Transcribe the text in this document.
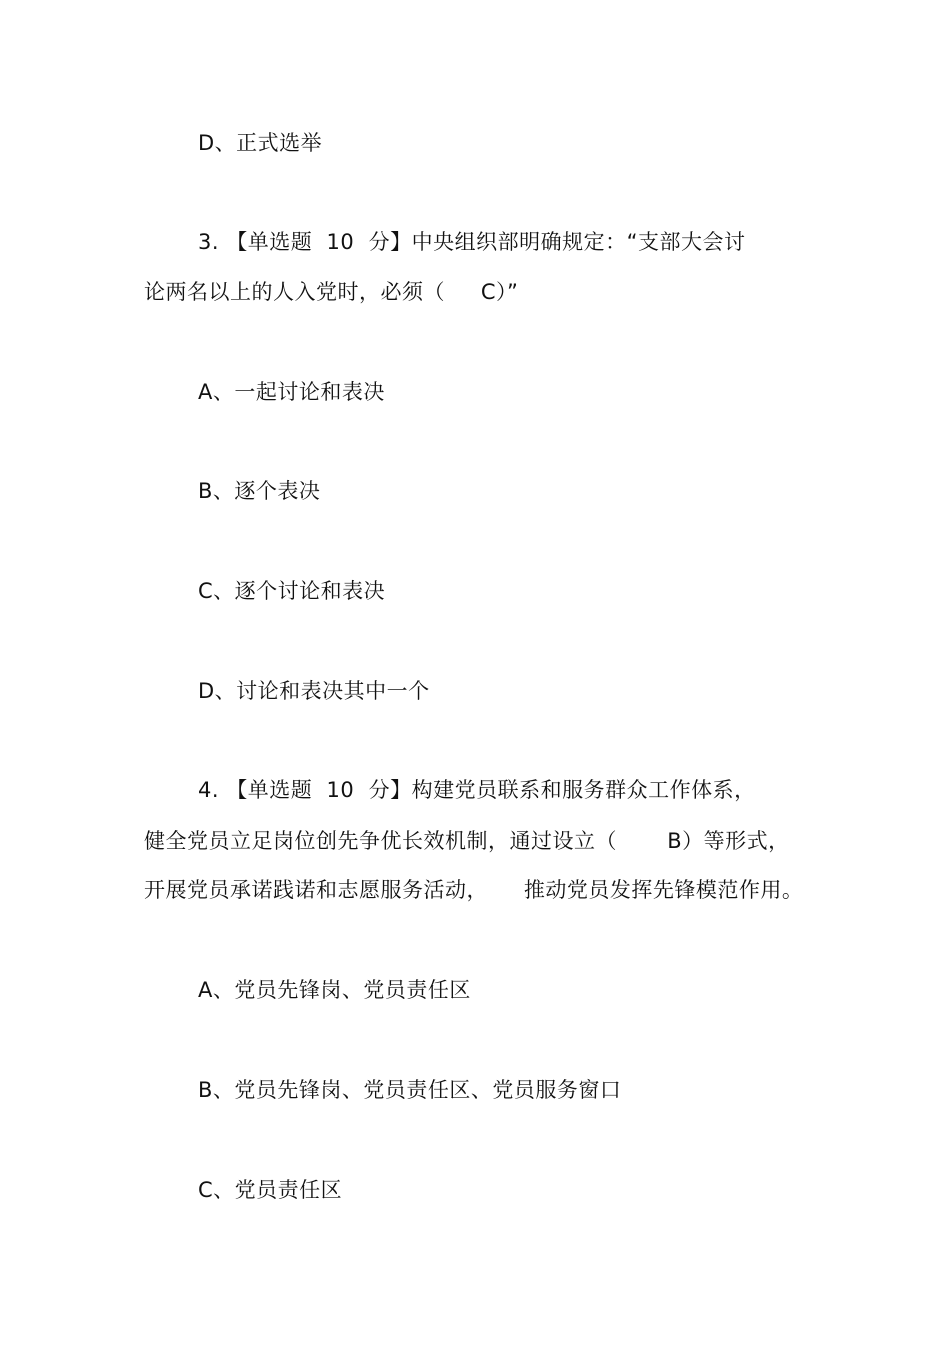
D、正式选举
3. 【单选题  10  分】中央组织部明确规定：“支部大会讨
论两名以上的人入党时，必须（     C）”
A、一起讨论和表决
B、逐个表决
C、逐个讨论和表决
D、讨论和表决其中一个
4. 【单选题  10  分】构建党员联系和服务群众工作体系，
健全党员立足岗位创先争优长效机制，通过设立（       B）等形式，
开展党员承诺践诺和志愿服务活动，     推动党员发挥先锋模范作用。
A、党员先锋岗、党员责任区
B、党员先锋岗、党员责任区、党员服务窗口
C、党员责任区
